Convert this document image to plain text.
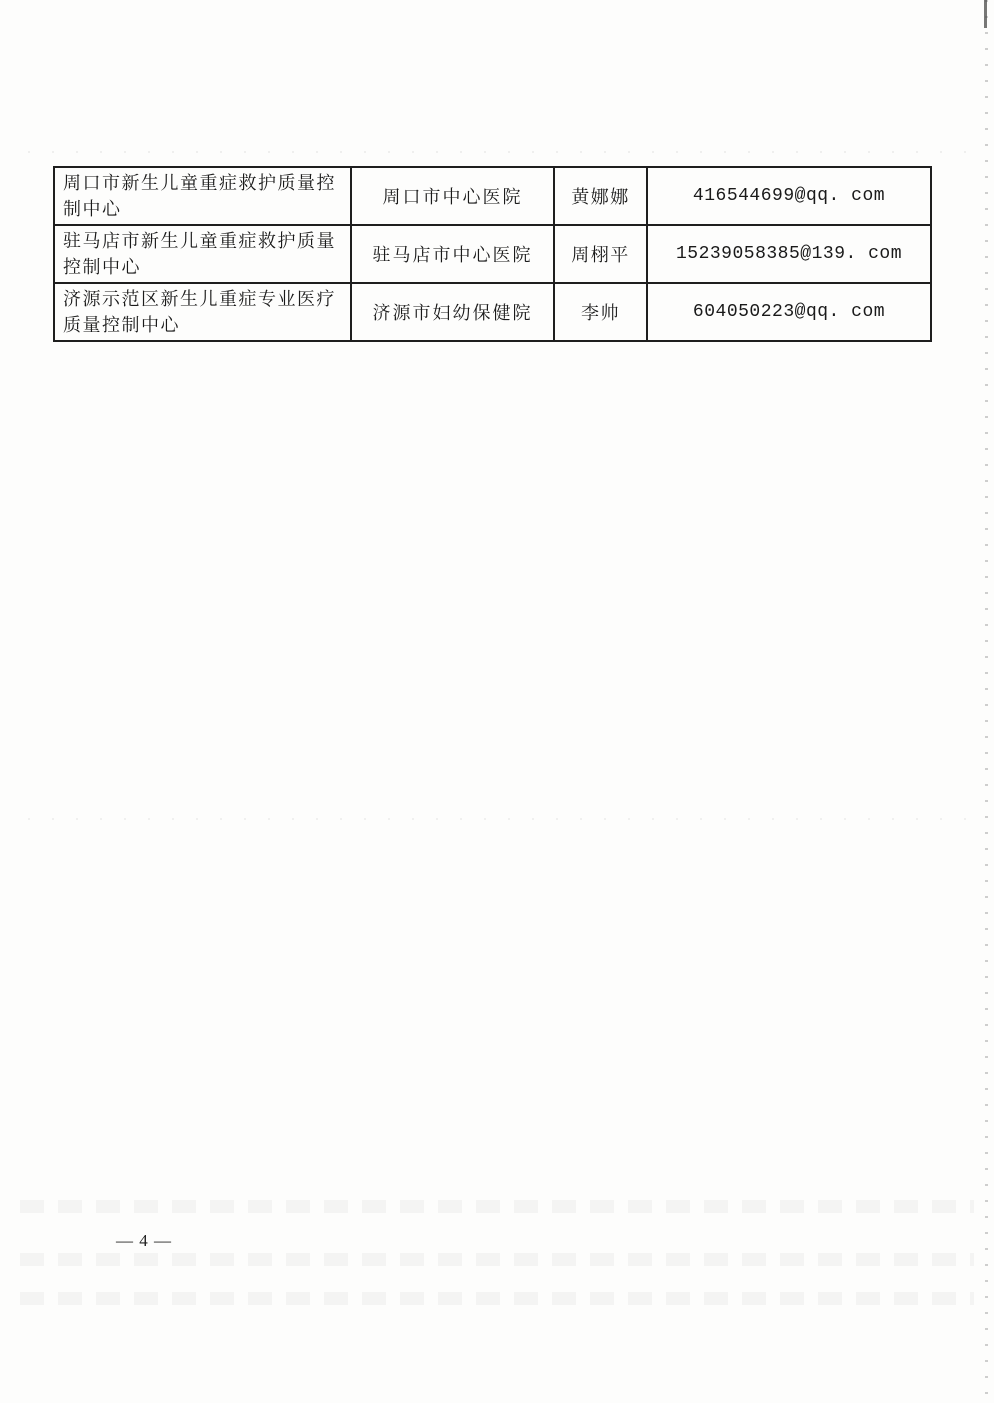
周口市新生儿童重症救护质量控制中心	周口市中心医院	黄娜娜	416544699@qq. com
驻马店市新生儿童重症救护质量控制中心	驻马店市中心医院	周栩平	15239058385@139. com
济源示范区新生儿重症专业医疗质量控制中心	济源市妇幼保健院	李帅	604050223@qq. com
— 4 —
